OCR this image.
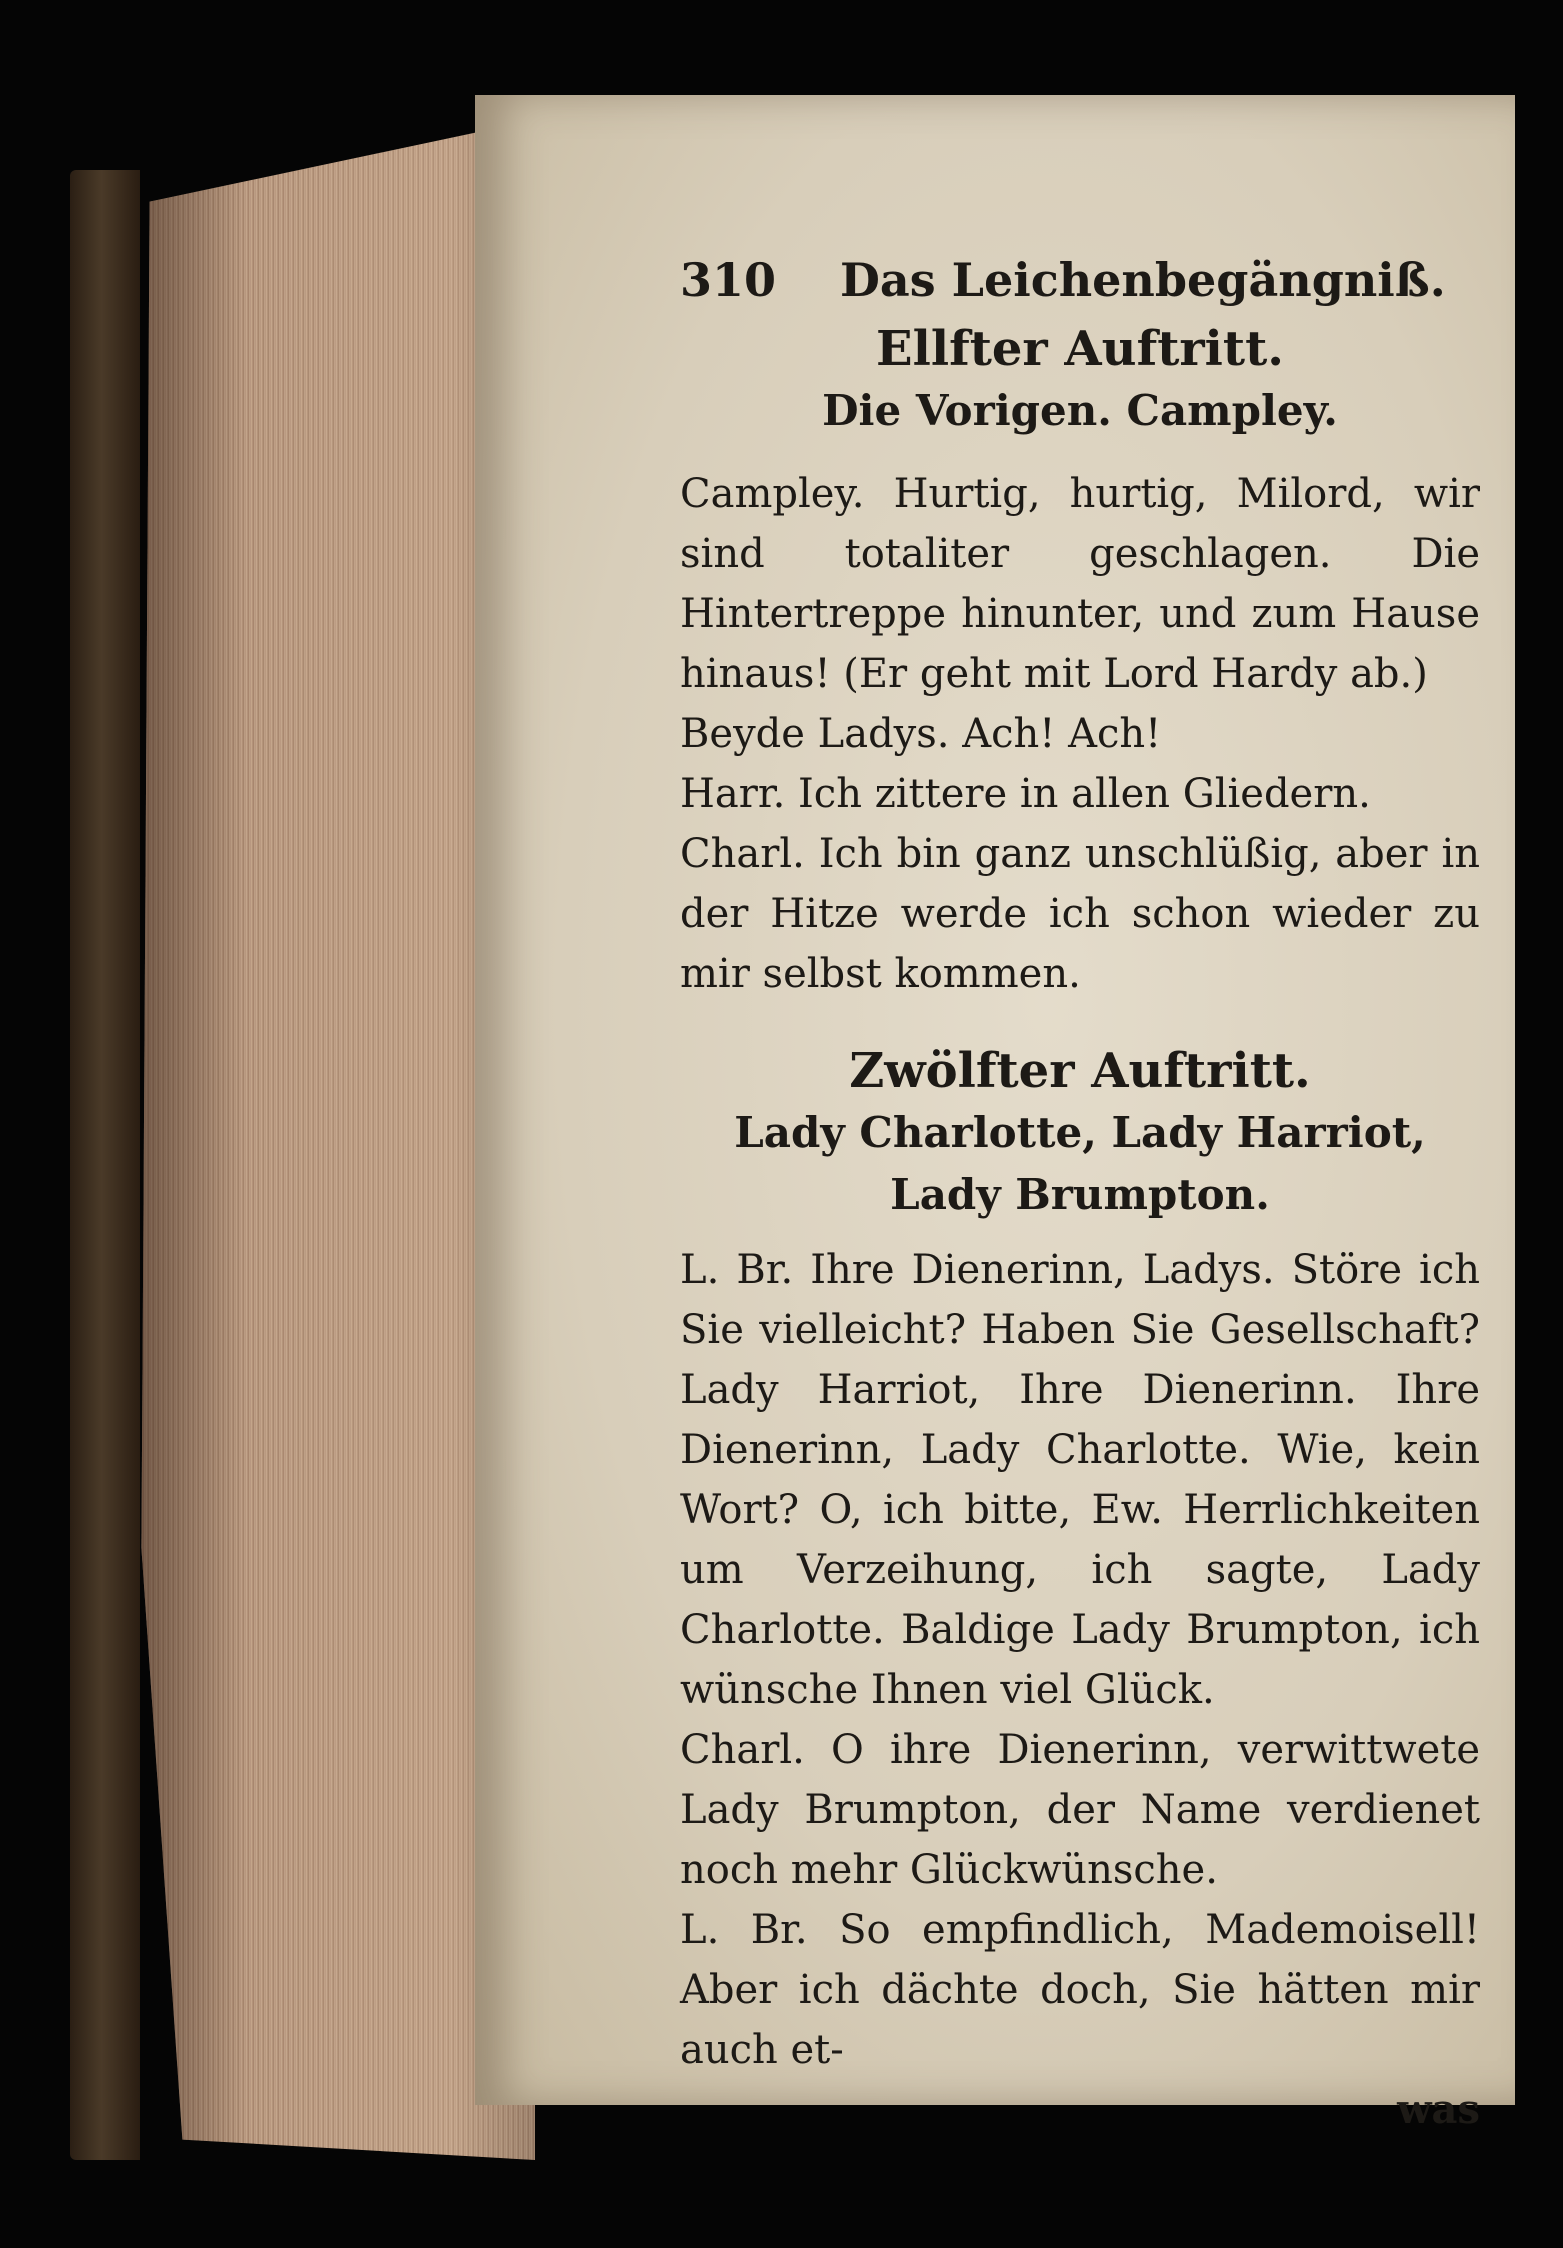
310	Das Leichenbegängniß.
Ellfter Auftritt.
Die Vorigen. Campley.

Campley. Hurtig, hurtig, Milord, wir sind totaliter geschlagen. Die Hintertreppe hinunter, und zum Hause hinaus! (Er geht mit Lord Hardy ab.)

Beyde Ladys. Ach! Ach!

Harr. Ich zittere in allen Gliedern.

Charl. Ich bin ganz unschlüßig, aber in der Hitze werde ich schon wieder zu mir selbst kommen.

Zwölfter Auftritt.
Lady Charlotte, Lady Harriot,
Lady Brumpton.

L. Br. Ihre Dienerinn, Ladys. Störe ich Sie vielleicht? Haben Sie Gesellschaft? Lady Harriot, Ihre Dienerinn. Ihre Dienerinn, Lady Charlotte. Wie, kein Wort? O, ich bitte, Ew. Herrlichkeiten um Verzeihung, ich sagte, Lady Charlotte. Baldige Lady Brumpton, ich wünsche Ihnen viel Glück.

Charl. O ihre Dienerinn, verwittwete Lady Brumpton, der Name verdienet noch mehr Glückwünsche.

L. Br. So empfindlich, Mademoisell! Aber ich dächte doch, Sie hätten mir auch et-

was
